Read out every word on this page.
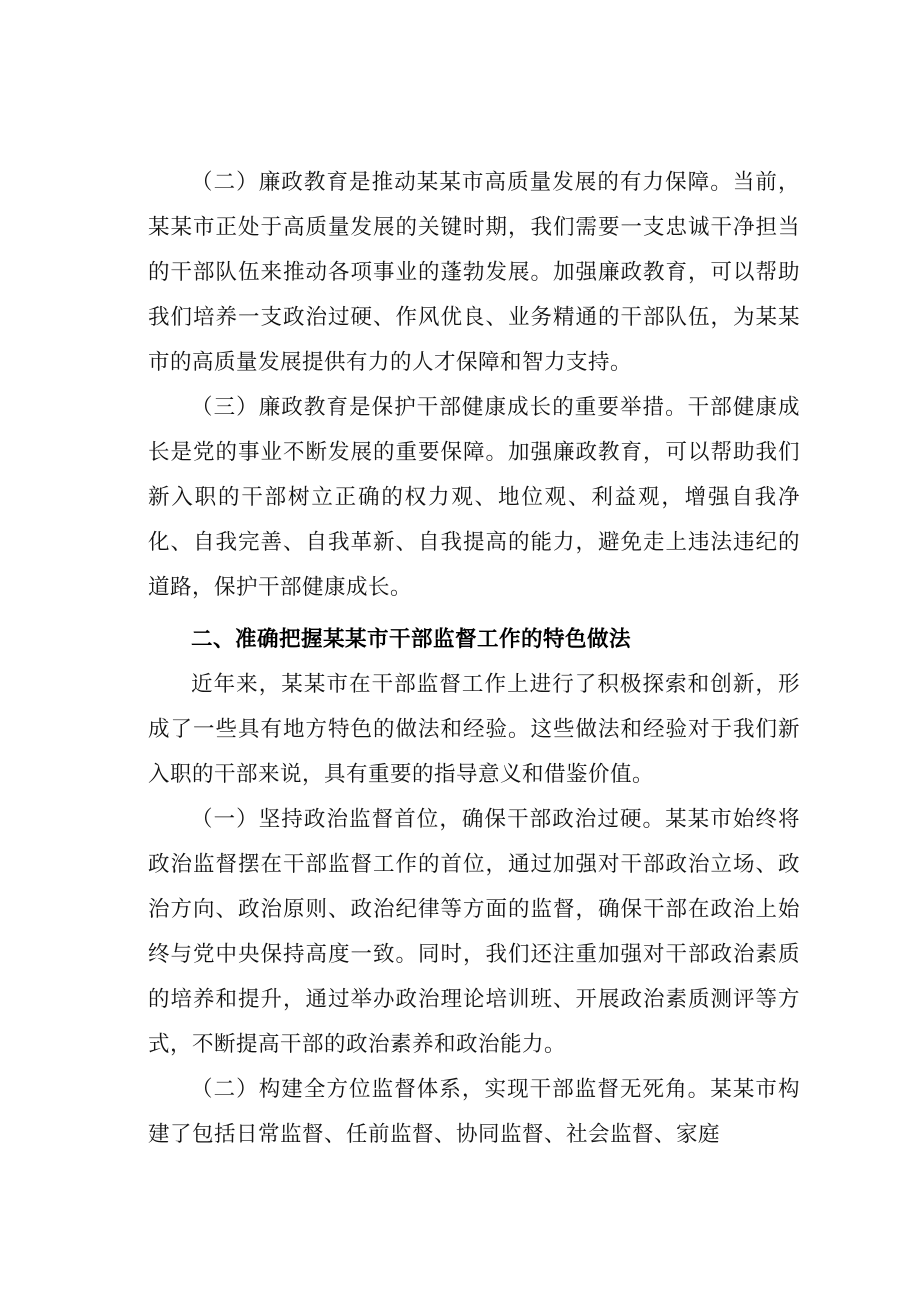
（二）廉政教育是推动某某市高质量发展的有力保障。当前，某某市正处于高质量发展的关键时期，我们需要一支忠诚干净担当的干部队伍来推动各项事业的蓬勃发展。加强廉政教育，可以帮助我们培养一支政治过硬、作风优良、业务精通的干部队伍，为某某市的高质量发展提供有力的人才保障和智力支持。

（三）廉政教育是保护干部健康成长的重要举措。干部健康成长是党的事业不断发展的重要保障。加强廉政教育，可以帮助我们新入职的干部树立正确的权力观、地位观、利益观，增强自我净化、自我完善、自我革新、自我提高的能力，避免走上违法违纪的道路，保护干部健康成长。

二、准确把握某某市干部监督工作的特色做法

近年来，某某市在干部监督工作上进行了积极探索和创新，形成了一些具有地方特色的做法和经验。这些做法和经验对于我们新入职的干部来说，具有重要的指导意义和借鉴价值。

（一）坚持政治监督首位，确保干部政治过硬。某某市始终将政治监督摆在干部监督工作的首位，通过加强对干部政治立场、政治方向、政治原则、政治纪律等方面的监督，确保干部在政治上始终与党中央保持高度一致。同时，我们还注重加强对干部政治素质的培养和提升，通过举办政治理论培训班、开展政治素质测评等方式，不断提高干部的政治素养和政治能力。

（二）构建全方位监督体系，实现干部监督无死角。某某市构建了包括日常监督、任前监督、协同监督、社会监督、家庭
